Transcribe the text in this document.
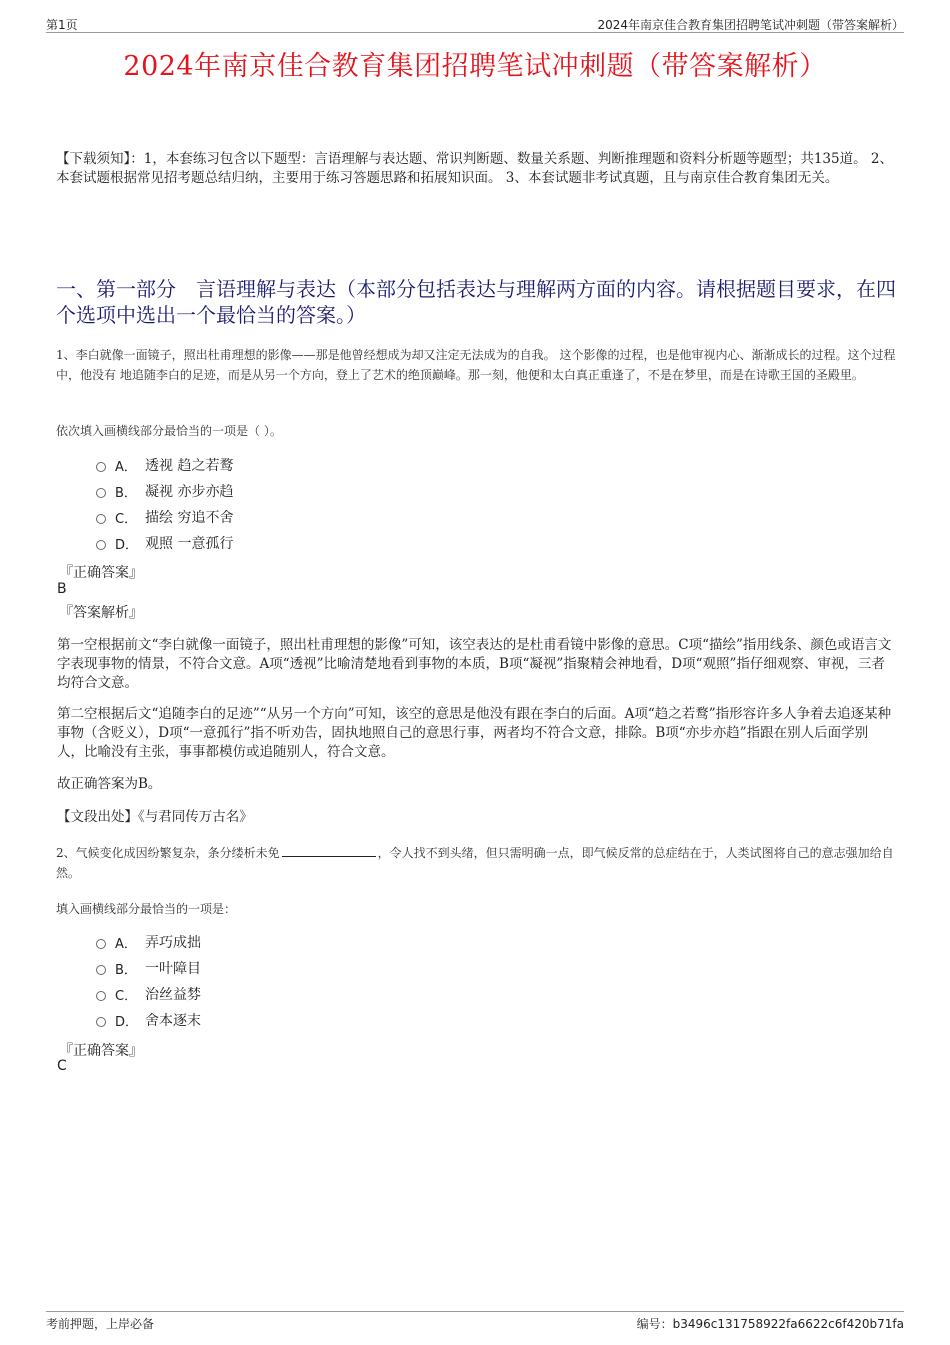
第1页	2024年南京佳合教育集团招聘笔试冲刺题（带答案解析）
2024年南京佳合教育集团招聘笔试冲刺题（带答案解析）
【下载须知】：1，本套练习包含以下题型：言语理解与表达题、常识判断题、数量关系题、判断推理题和资料分析题等题型；共135道。 2、本套试题根据常见招考题总结归纳，主要用于练习答题思路和拓展知识面。 3、本套试题非考试真题，且与南京佳合教育集团无关。
一、第一部分　言语理解与表达（本部分包括表达与理解两方面的内容。请根据题目要求，在四个选项中选出一个最恰当的答案。）
1、李白就像一面镜子，照出杜甫理想的影像——那是他曾经想成为却又注定无法成为的自我。 这个影像的过程，也是他审视内心、渐渐成长的过程。这个过程中，他没有 地追随李白的足迹，而是从另一个方向，登上了艺术的绝顶巅峰。那一刻，他便和太白真正重逢了，不是在梦里，而是在诗歌王国的圣殿里。
依次填入画横线部分最恰当的一项是（ ）。
A． 透视 趋之若鹜
B． 凝视 亦步亦趋
C． 描绘 穷追不舍
D． 观照 一意孤行
『正确答案』
B
『答案解析』
第一空根据前文“李白就像一面镜子，照出杜甫理想的影像”可知，该空表达的是杜甫看镜中影像的意思。C项“描绘”指用线条、颜色或语言文字表现事物的情景，不符合文意。A项“透视”比喻清楚地看到事物的本质，B项“凝视”指聚精会神地看，D项“观照”指仔细观察、审视，三者均符合文意。
第二空根据后文“追随李白的足迹”“从另一个方向”可知，该空的意思是他没有跟在李白的后面。A项“趋之若鹜”指形容许多人争着去追逐某种事物（含贬义），D项“一意孤行”指不听劝告，固执地照自己的意思行事，两者均不符合文意，排除。B项“亦步亦趋”指跟在别人后面学别人，比喻没有主张，事事都模仿或追随别人，符合文意。
故正确答案为B。
【文段出处】《与君同传万古名》
2、气候变化成因纷繁复杂，条分缕析未免	，令人找不到头绪，但只需明确一点，即气候反常的总症结在于，人类试图将自己的意志强加给自然。
填入画横线部分最恰当的一项是：
A． 弄巧成拙
B． 一叶障目
C． 治丝益棼
D． 舍本逐末
『正确答案』
C
考前押题，上岸必备	编号：b3496c131758922fa6622c6f420b71fa
